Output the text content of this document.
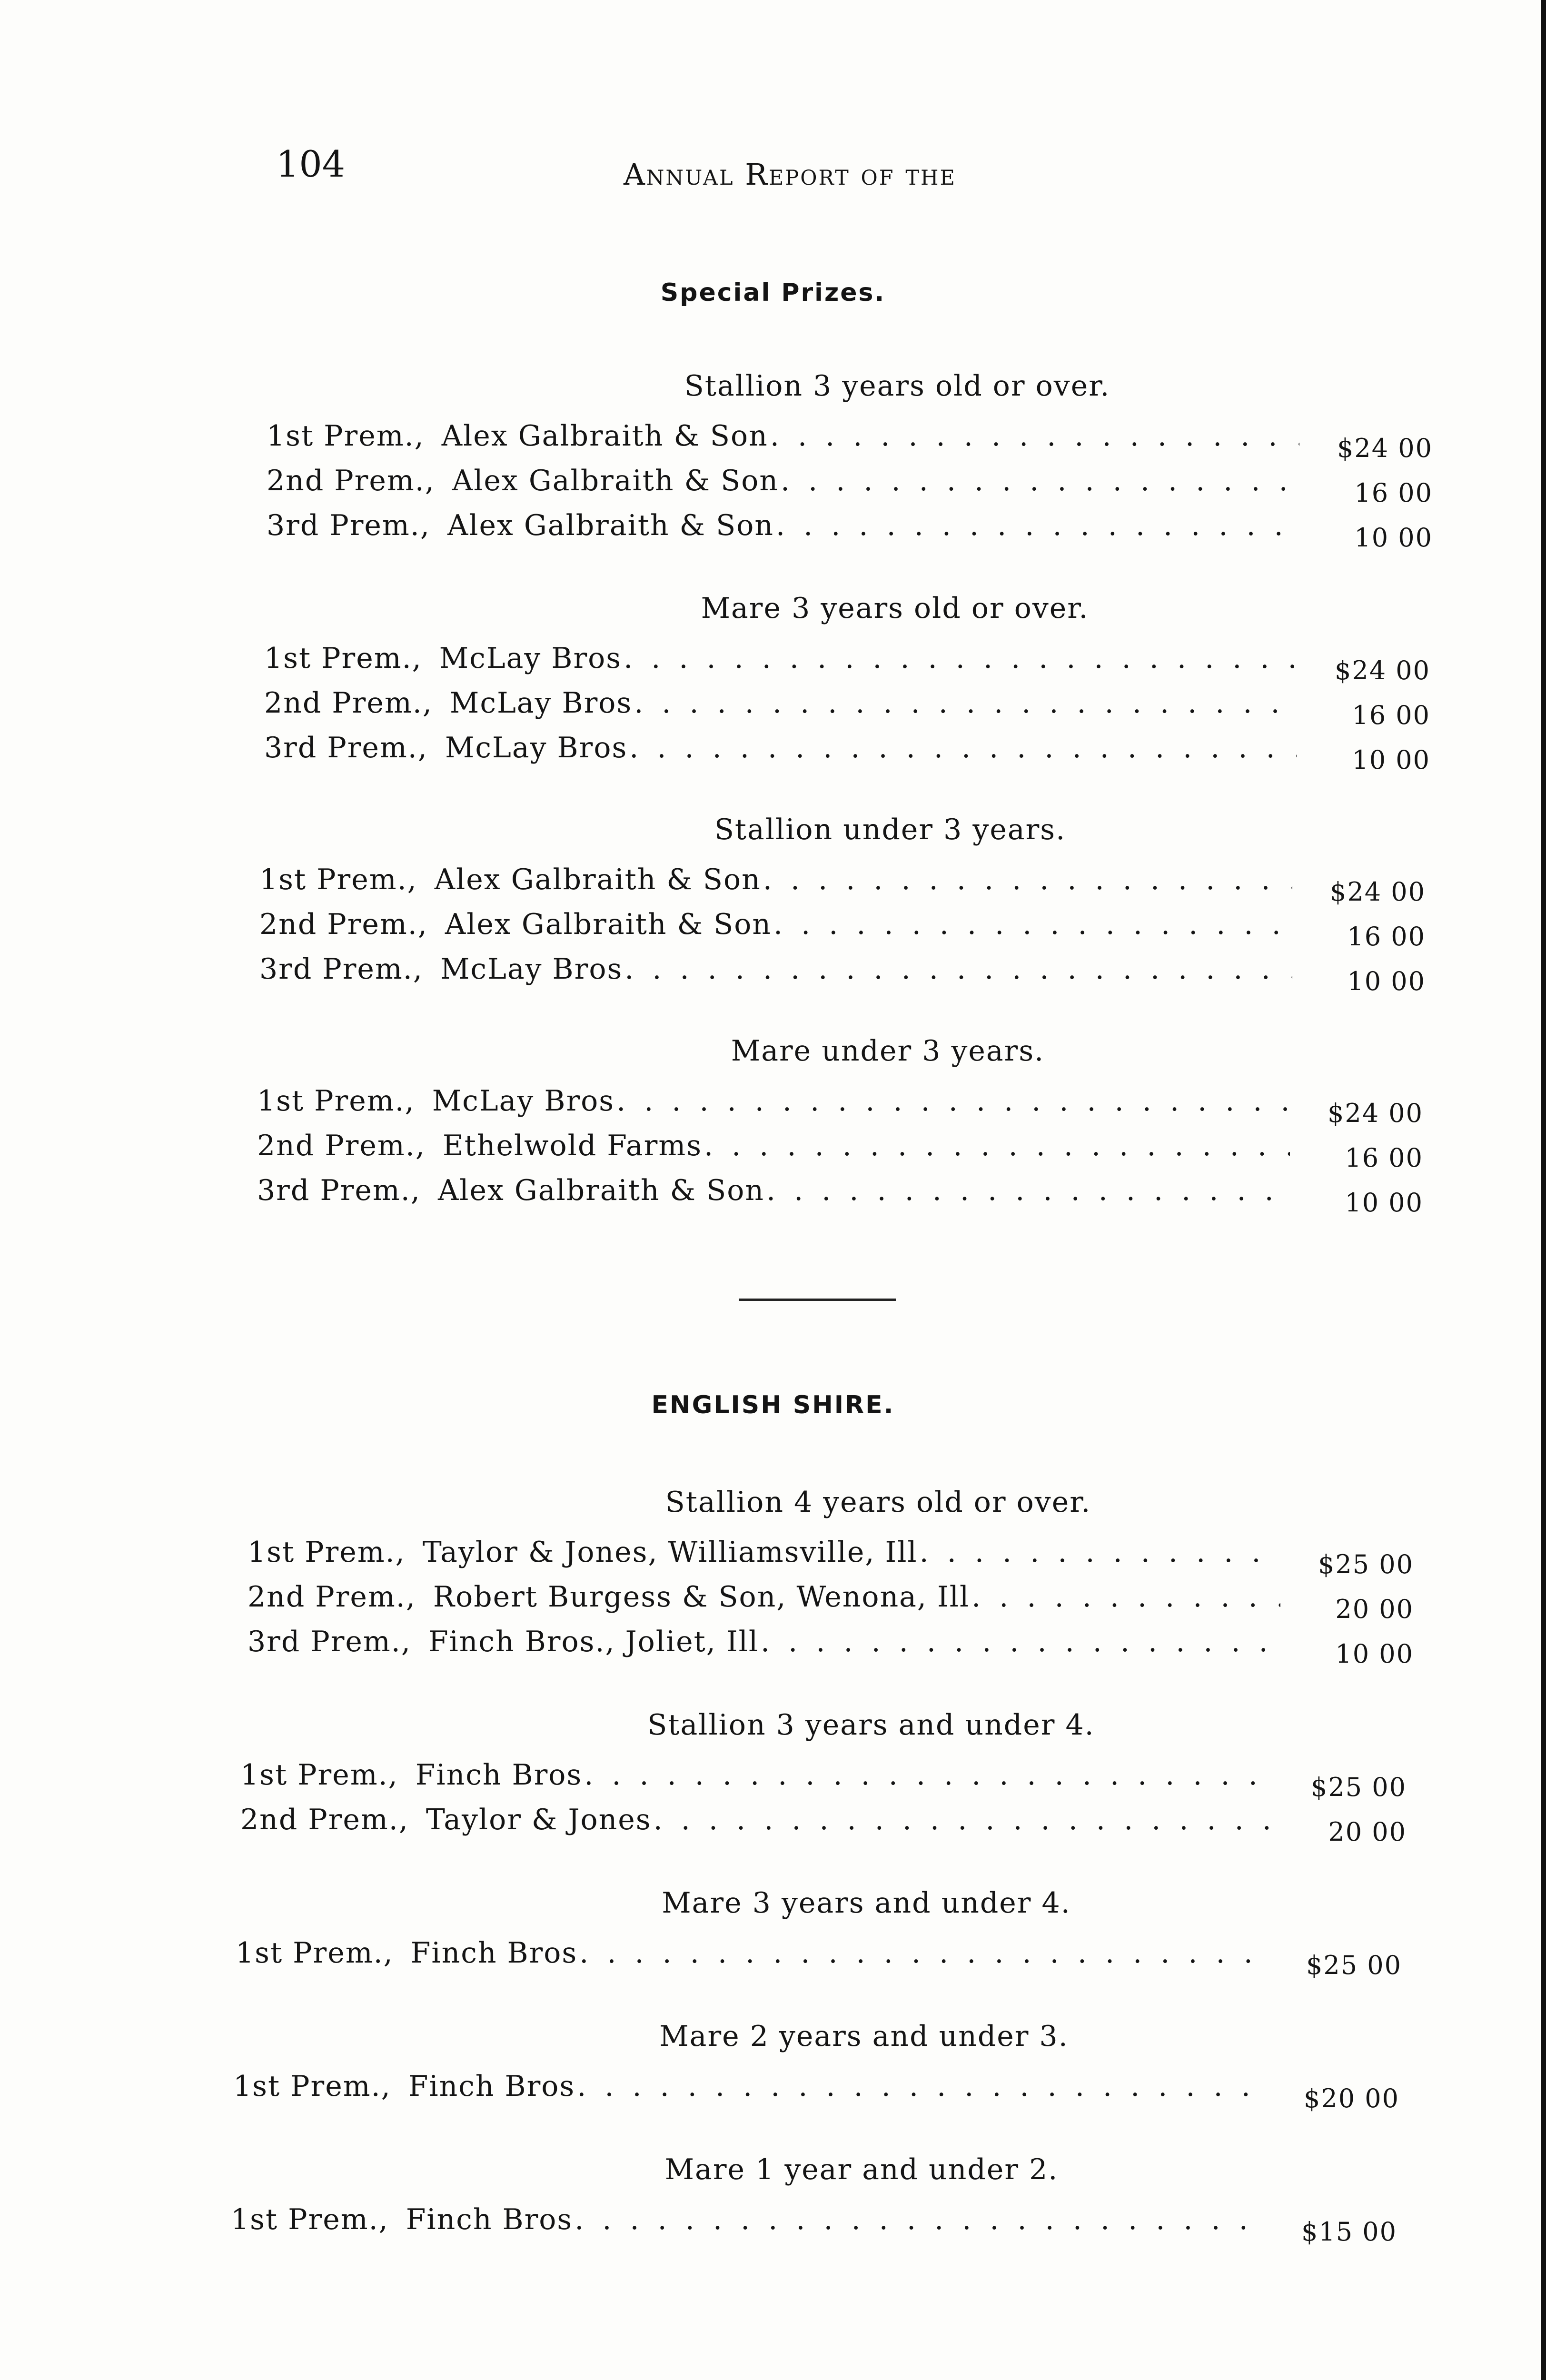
104	Annual Report of the
Special Prizes.
Stallion 3 years old or over.
1st Prem., Alex Galbraith & Son . . .	$24 00
2nd Prem., Alex Galbraith & Son . . .	16 00
3rd Prem., Alex Galbraith & Son . . .	10 00
Mare 3 years old or over.
1st Prem., McLay Bros . . .	$24 00
2nd Prem., McLay Bros . . .	16 00
3rd Prem., McLay Bros . . .	10 00
Stallion under 3 years.
1st Prem., Alex Galbraith & Son . . .	$24 00
2nd Prem., Alex Galbraith & Son . . .	16 00
3rd Prem., McLay Bros . . .	10 00
Mare under 3 years.
1st Prem., McLay Bros . . .	$24 00
2nd Prem., Ethelwold Farms . . .	16 00
3rd Prem., Alex Galbraith & Son . . .	10 00
ENGLISH SHIRE.
Stallion 4 years old or over.
1st Prem., Taylor & Jones, Williamsville, Ill . . .	$25 00
2nd Prem., Robert Burgess & Son, Wenona, Ill . . .	20 00
3rd Prem., Finch Bros., Joliet, Ill . . .	10 00
Stallion 3 years and under 4.
1st Prem., Finch Bros . . .	$25 00
2nd Prem., Taylor & Jones . . .	20 00
Mare 3 years and under 4.
1st Prem., Finch Bros . . .	$25 00
Mare 2 years and under 3.
1st Prem., Finch Bros . . .	$20 00
Mare 1 year and under 2.
1st Prem., Finch Bros . . .	$15 00
